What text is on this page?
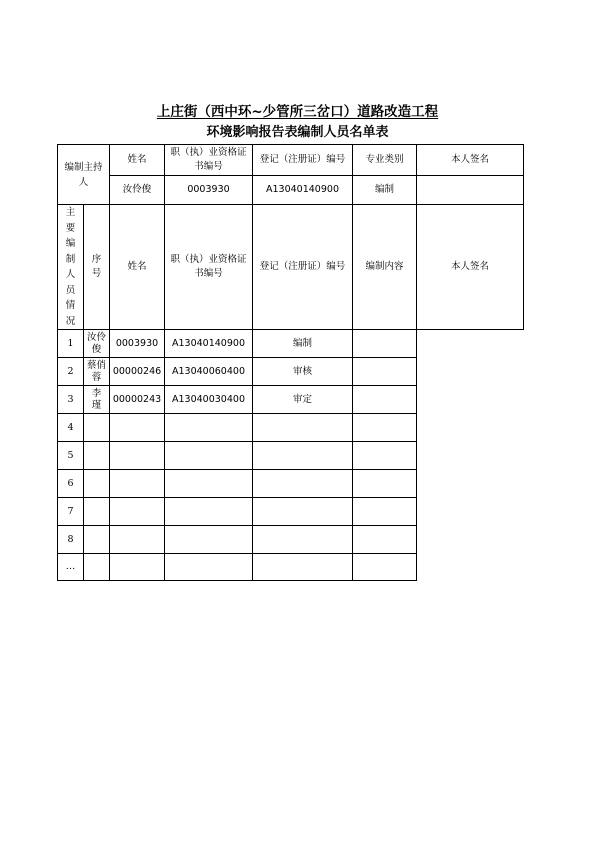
上庄街（西中环~少管所三岔口）道路改造工程
环境影响报告表编制人员名单表
编制主持人	姓名	职（执）业资格证书编号	登记（注册证）编号	专业类别	本人签名
	汝伶俊	0003930	A13040140900	编制	
主要编制人员情况	序号	姓名	职（执）业资格证书编号	登记（注册证）编号	编制内容	本人签名
1	汝伶俊	0003930	A13040140900	编制		
2	蔡俏蓉	00000246	A13040060400	审核		
3	李　瑾	00000243	A13040030400	审定		
4						
5						
6						
7						
8						
…						
